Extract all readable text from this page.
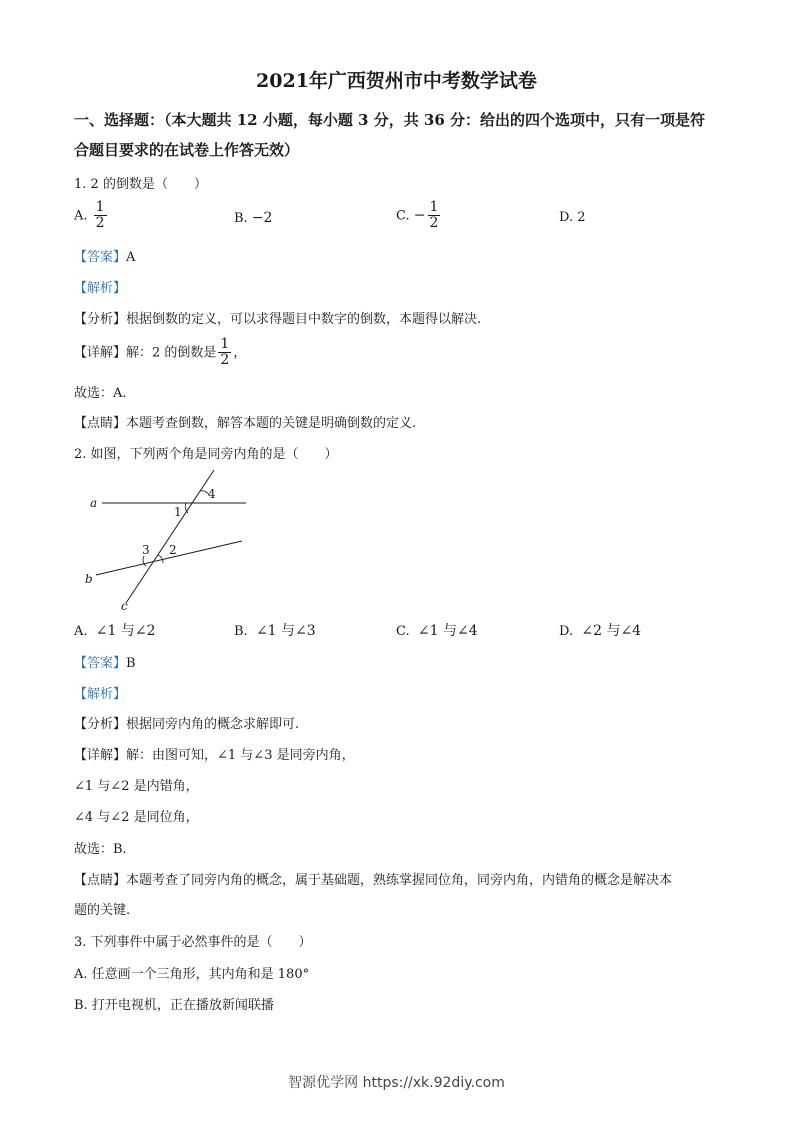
2021年广西贺州市中考数学试卷
一、选择题：（本大题共 12 小题，每小题 3 分，共 36 分：给出的四个选项中，只有一项是符
合题目要求的在试卷上作答无效）
1. 2 的倒数是（　　）
A. $\frac{1}{2}$	B. −2	C. − $\frac{1}{2}$	D. 2
【答案】A
【解析】
【分析】根据倒数的定义，可以求得题目中数字的倒数，本题得以解决.
【详解】解：2 的倒数是 $\frac{1}{2}$ ，
故选：A.
【点睛】本题考查倒数，解答本题的关键是明确倒数的定义.
2. 如图，下列两个角是同旁内角的是（　　）
a
b
c
1
2
3
4
A. ∠1 与∠2	B. ∠1 与∠3	C. ∠1 与∠4	D. ∠2 与∠4
【答案】B
【解析】
【分析】根据同旁内角的概念求解即可.
【详解】解：由图可知，∠1 与∠3 是同旁内角，
∠1 与∠2 是内错角，
∠4 与∠2 是同位角，
故选：B.
【点睛】本题考查了同旁内角的概念，属于基础题，熟练掌握同位角，同旁内角，内错角的概念是解决本
题的关键.
3. 下列事件中属于必然事件的是（　　）
A. 任意画一个三角形，其内角和是 180°
B. 打开电视机，正在播放新闻联播
智源优学网 https://xk.92diy.com
